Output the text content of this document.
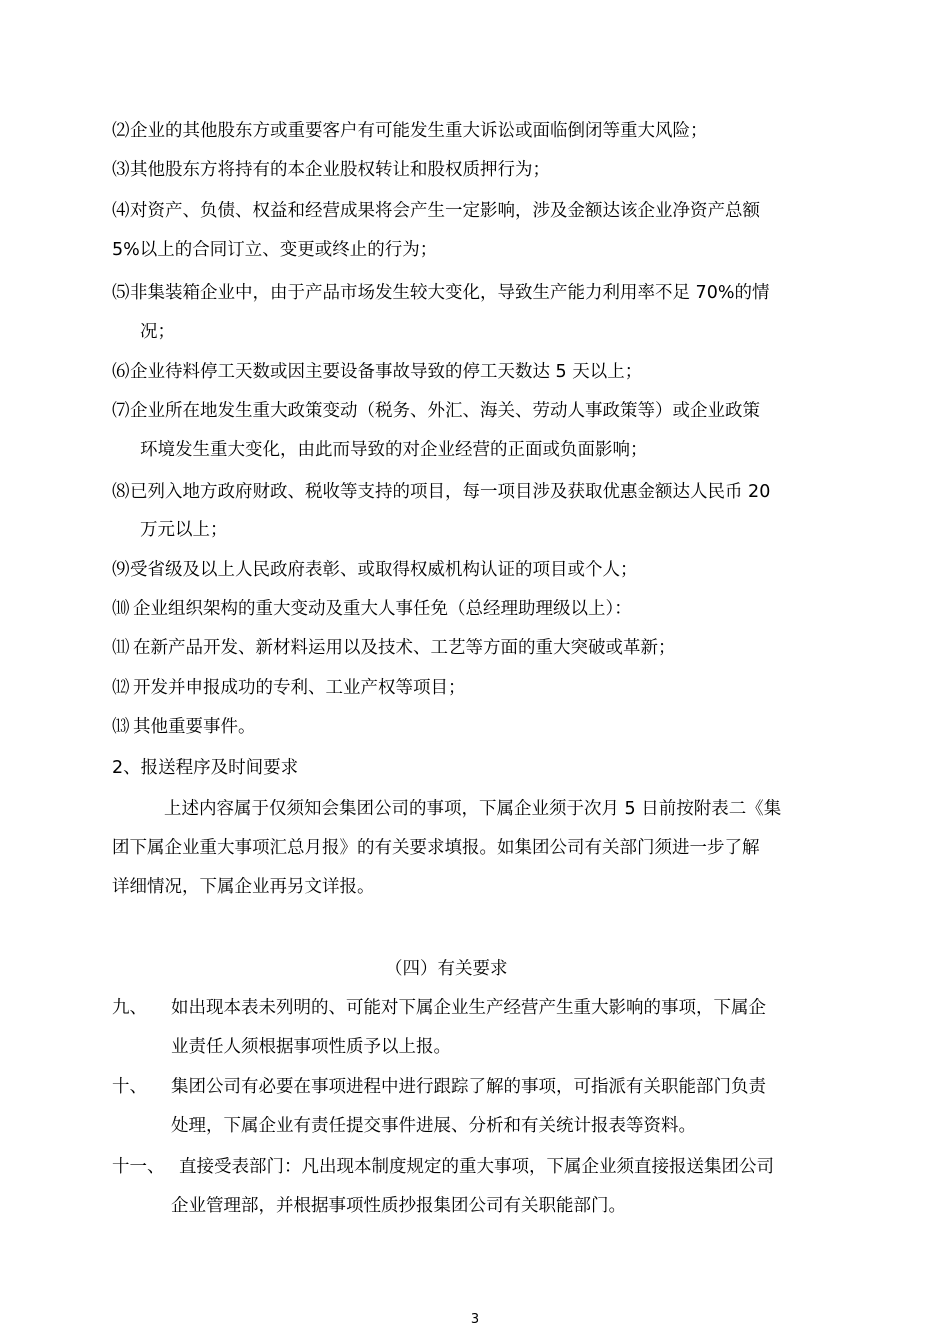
⑵ 企业的其他股东方或重要客户有可能发生重大诉讼或面临倒闭等重大风险；
⑶ 其他股东方将持有的本企业股权转让和股权质押行为；
⑷ 对资产、负债、权益和经营成果将会产生一定影响，涉及金额达该企业净资产总额
5%以上的合同订立、变更或终止的行为；
⑸ 非集装箱企业中，由于产品市场发生较大变化，导致生产能力利用率不足 70%的情
况；
⑹ 企业待料停工天数或因主要设备事故导致的停工天数达 5 天以上；
⑺ 企业所在地发生重大政策变动（税务、外汇、海关、劳动人事政策等）或企业政策
环境发生重大变化，由此而导致的对企业经营的正面或负面影响；
⑻ 已列入地方政府财政、税收等支持的项目，每一项目涉及获取优惠金额达人民币 20
万元以上；
⑼ 受省级及以上人民政府表彰、或取得权威机构认证的项目或个人；
⑽ 企业组织架构的重大变动及重大人事任免（总经理助理级以上）：
⑾ 在新产品开发、新材料运用以及技术、工艺等方面的重大突破或革新；
⑿ 开发并申报成功的专利、工业产权等项目；
⒀ 其他重要事件。
2、报送程序及时间要求
上述内容属于仅须知会集团公司的事项，下属企业须于次月 5 日前按附表二《集
团下属企业重大事项汇总月报》的有关要求填报。如集团公司有关部门须进一步了解
详细情况，下属企业再另文详报。
（四）有关要求
九、 如出现本表未列明的、可能对下属企业生产经营产生重大影响的事项，下属企
业责任人须根据事项性质予以上报。
十、 集团公司有必要在事项进程中进行跟踪了解的事项，可指派有关职能部门负责
处理，下属企业有责任提交事件进展、分析和有关统计报表等资料。
十一、 直接受表部门：凡出现本制度规定的重大事项，下属企业须直接报送集团公司
企业管理部，并根据事项性质抄报集团公司有关职能部门。
3
